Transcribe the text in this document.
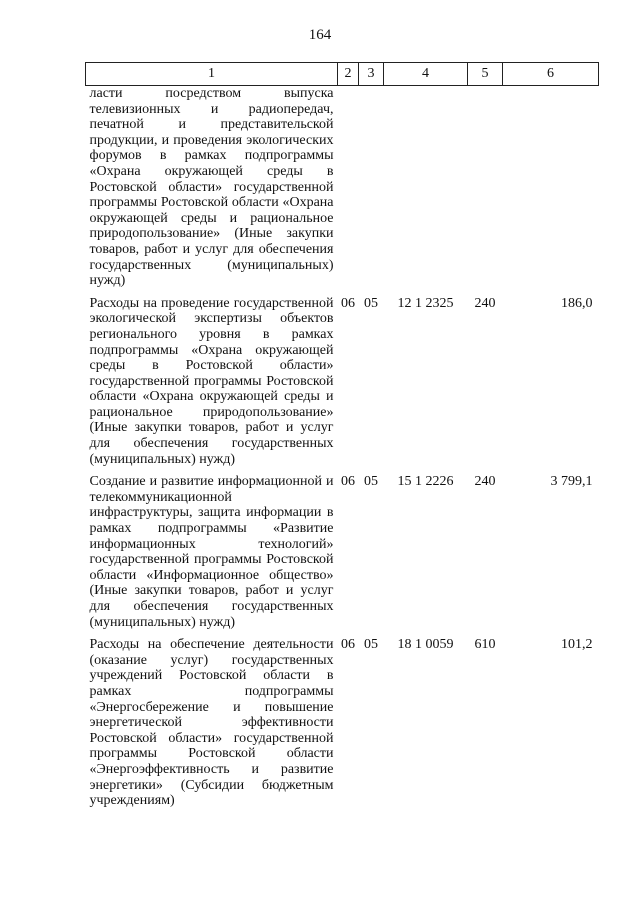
164
1	2	3	4	5	6
ласти посредством выпуска телевизионных и радиопередач, печатной и представительской продукции, и проведения экологических форумов в рамках подпрограммы «Охрана окружающей среды в Ростовской области» государственной программы Ростовской области «Охрана окружающей среды и рациональное природопользование» (Иные закупки товаров, работ и услуг для обеспечения государственных (муниципальных) нужд)					
Расходы на проведение государственной экологической экспертизы объектов регионального уровня в рамках подпрограммы «Охрана окружающей среды в Ростовской области» государственной программы Ростовской области «Охрана окружающей среды и рациональное природопользование» (Иные закупки товаров, работ и услуг для обеспечения государственных (муниципальных) нужд)	06	05	12 1 2325	240	186,0
Создание и развитие информационной и телекоммуникационной инфраструктуры, защита информации в рамках подпрограммы «Развитие информационных технологий» государственной программы Ростовской области «Информационное общество» (Иные закупки товаров, работ и услуг для обеспечения государственных (муниципальных) нужд)	06	05	15 1 2226	240	3 799,1
Расходы на обеспечение деятельности (оказание услуг) государственных учреждений Ростовской области в рамках подпрограммы «Энергосбережение и повышение энергетической эффективности Ростовской области» государственной программы Ростовской области «Энергоэффективность и развитие энергетики» (Субсидии бюджетным учреждениям)	06	05	18 1 0059	610	101,2
